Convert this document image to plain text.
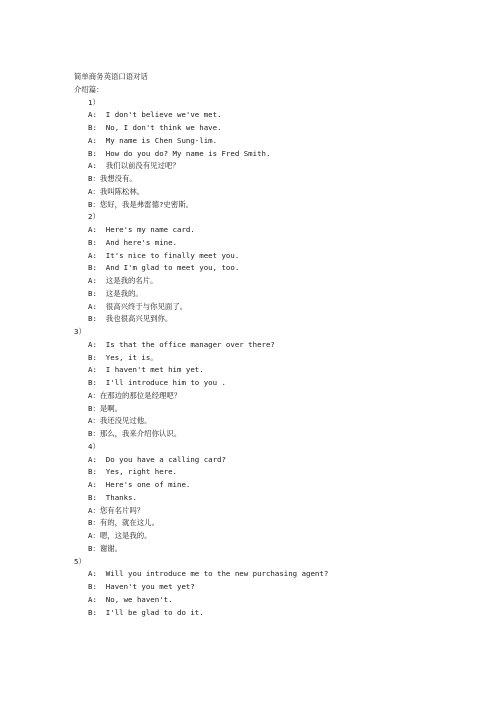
简单商务英语口语对话
介绍篇：
1）
A:  I don't believe we've met.
B:  No, I don't think we have.
A:  My name is Chen Sung-lim.
B:  How do you do? My name is Fred Smith.
A:  我们以前没有见过吧？
B：我想没有。
A：我叫陈松林。
B：您好，我是弗雷德?史密斯。
2）
A:  Here's my name card.
B:  And here's mine.
A:  It's nice to finally meet you.
B:  And I'm glad to meet you, too.
A:  这是我的名片。
B:  这是我的。
A:  很高兴终于与你见面了。
B:  我也很高兴见到你。
3）
A:  Is that the office manager over there?
B:  Yes, it is。
A:  I haven't met him yet.
B:  I'll introduce him to you .
A：在那边的那位是经理吧？
B：是啊。
A：我还没见过他。
B：那么，我来介绍你认识。
4）
A:  Do you have a calling card?
B:  Yes, right here.
A:  Here's one of mine.
B:  Thanks.
A：您有名片吗？
B：有的，就在这儿。
A：嗯，这是我的。
B：谢谢。
5）
A:  Will you introduce me to the new purchasing agent?
B:  Haven't you met yet?
A:  No, we haven't.
B:  I'll be glad to do it.
